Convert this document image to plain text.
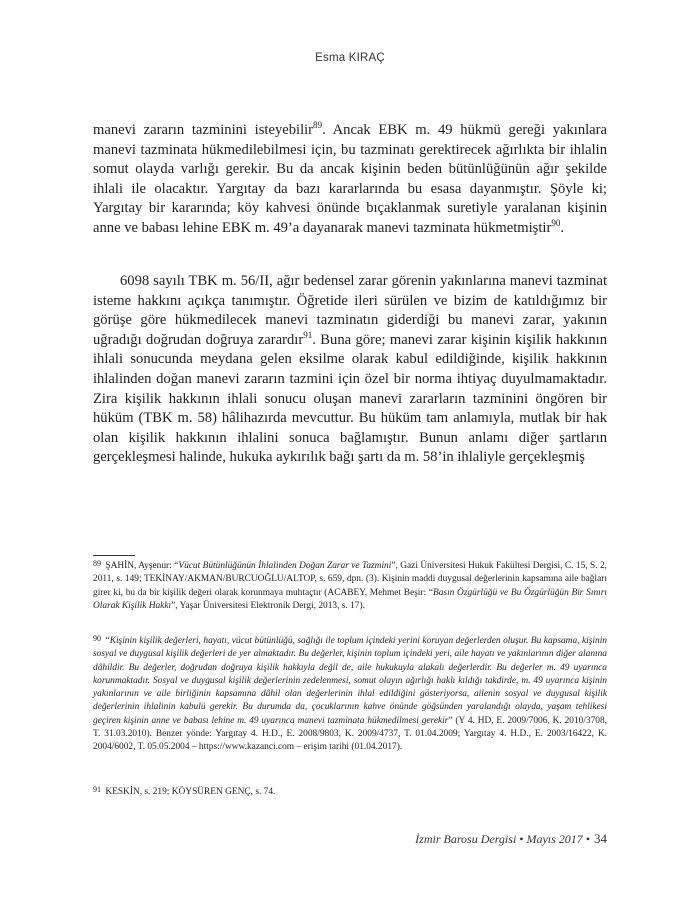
Esma KIRAÇ
manevi zararın tazminini isteyebilir$^{89}$. Ancak EBK m. 49 hükmü gereği yakınlara manevi tazminata hükmedilebilmesi için, bu tazminatı gerektirecek ağırlıkta bir ihlalin somut olayda varlığı gerekir. Bu da ancak kişinin beden bütünlüğünün ağır şekilde ihlali ile olacaktır. Yargıtay da bazı kararlarında bu esasa dayanmıştır. Şöyle ki; Yargıtay bir kararında; köy kahvesi önünde bıçaklanmak suretiyle yaralanan kişinin anne ve babası lehine EBK m. 49’a dayanarak manevi tazminata hükmetmiştir$^{90}$.
6098 sayılı TBK m. 56/II, ağır bedensel zarar görenin yakınlarına manevi tazminat isteme hakkını açıkça tanımıştır. Öğretide ileri sürülen ve bizim de katıldığımız bir görüşe göre hükmedilecek manevi tazminatın giderdiği bu manevi zarar, yakının uğradığı doğrudan doğruya zarardır$^{91}$. Buna göre; manevi zarar kişinin kişilik hakkının ihlali sonucunda meydana gelen eksilme olarak kabul edildiğinde, kişilik hakkının ihlalinden doğan manevi zararın tazmini için özel bir norma ihtiyaç duyulmamaktadır. Zira kişilik hakkının ihlali sonucu oluşan manevi zararların tazminini öngören bir hüküm (TBK m. 58) hâlihazırda mevcuttur. Bu hüküm tam anlamıyla, mutlak bir hak olan kişilik hakkının ihlalini sonuca bağlamıştır. Bunun anlamı diğer şartların gerçekleşmesi halinde, hukuka aykırılık bağı şartı da m. 58’in ihlaliyle gerçekleşmiş
89 ŞAHİN, Ayşenur: “Vücut Bütünlüğünün İhlalinden Doğan Zarar ve Tazmini”, Gazi Üniversitesi Hukuk Fakültesi Dergisi, C. 15, S. 2, 2011, s. 149; TEKİNAY/AKMAN/BURCUOĞLU/ALTOP, s. 659, dpn. (3). Kişinin maddi duygusal değerlerinin kapsamına aile bağları girer ki, bu da bir kişilik değeri olarak korunmaya muhtaçtır (ACABEY, Mehmet Beşir: “Basın Özgürlüğü ve Bu Özgürlüğün Bir Sınırı Olarak Kişilik Hakkı”, Yaşar Üniversitesi Elektronik Dergi, 2013, s. 17).
90 “Kişinin kişilik değerleri, hayatı, vücut bütünlüğü, sağlığı ile toplum içindeki yerini koruyan değerlerden oluşur. Bu kapsama, kişinin sosyal ve duygusal kişilik değerleri de yer almaktadır. Bu değerler, kişinin toplum içindeki yeri, aile hayatı ve yakınlarının diğer alanına dâhildir. Bu değerler, doğrudan doğruya kişilik hakkıyla değil de, aile hukukuyla alakalı değerlerdir. Bu değerler m. 49 uyarınca korunmaktadır. Sosyal ve duygusal kişilik değerlerinin zedelenmesi, somut olayın ağırlığı haklı kıldığı takdirde, m. 49 uyarınca kişinin yakınlarının ve aile birliğinin kapsamına dâhil olan değerlerinin ihlal edildiğini gösteriyorsa, ailenin sosyal ve duygusal kişilik değerlerinin ihlalinin kabulü gerekir. Bu durumda da, çocuklarının kahve önünde göğsünden yaralandığı olayda, yaşam tehlikesi geçiren kişinin anne ve babası lehine m. 49 uyarınca manevi tazminata hükmedilmesi gerekir” (Y 4. HD, E. 2009/7006, K. 2010/3708, T. 31.03.2010). Benzer yönde: Yargıtay 4. H.D., E. 2008/9803, K. 2009/4737, T. 01.04.2009; Yargıtay 4. H.D., E. 2003/16422, K. 2004/6002, T. 05.05.2004 – https://www.kazanci.com – erişim tarihi (01.04.2017).
91 KESKİN, s. 219; KÖYSÜREN GENÇ, s. 74.
İzmir Barosu Dergisi • Mayıs 2017 • 34
